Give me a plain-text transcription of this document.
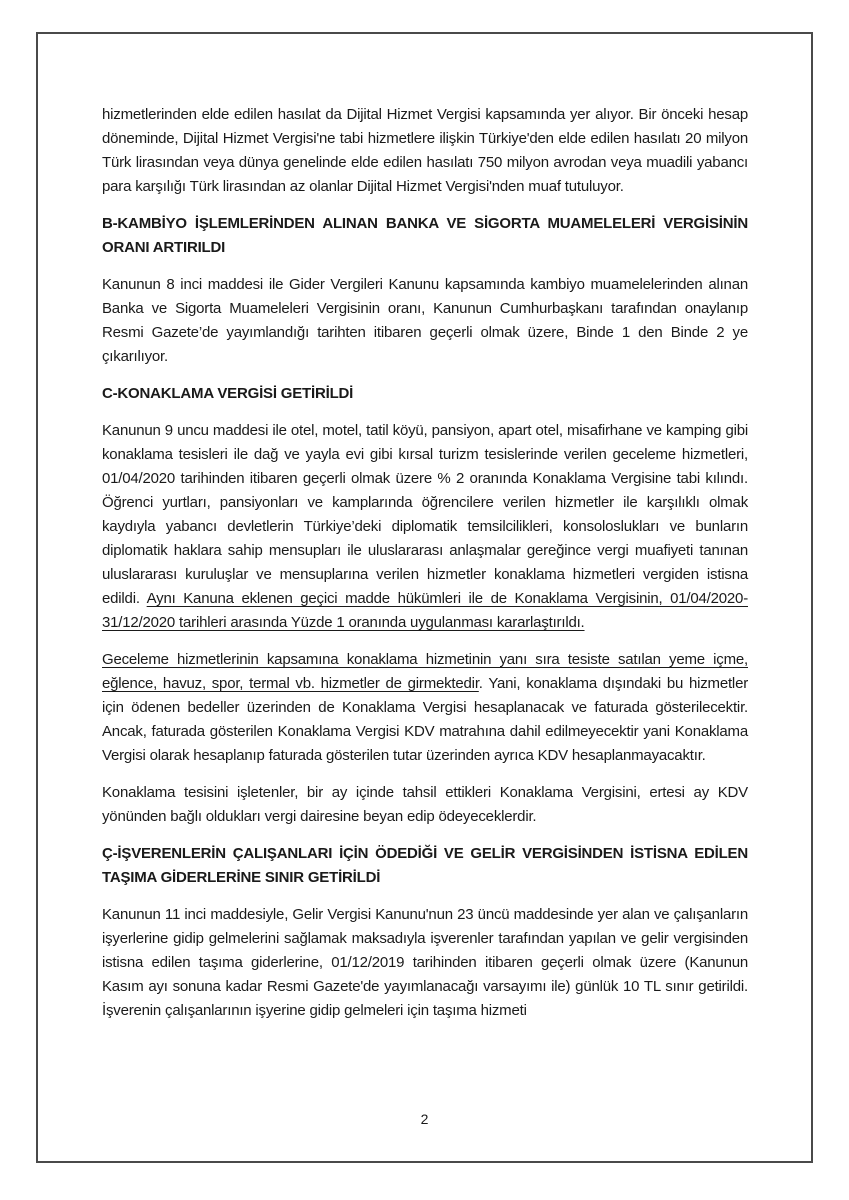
hizmetlerinden elde edilen hasılat da Dijital Hizmet Vergisi kapsamında yer alıyor. Bir önceki hesap döneminde, Dijital Hizmet Vergisi'ne tabi hizmetlere ilişkin Türkiye'den elde edilen hasılatı 20 milyon Türk lirasından veya dünya genelinde elde edilen hasılatı 750 milyon avrodan veya muadili yabancı para karşılığı Türk lirasından az olanlar Dijital Hizmet Vergisi'nden muaf tutuluyor.

B-KAMBİYO İŞLEMLERİNDEN ALINAN BANKA VE SİGORTA MUAMELELERİ VERGİSİNİN ORANI ARTIRILDI

Kanunun 8 inci maddesi ile Gider Vergileri Kanunu kapsamında kambiyo muamelelerinden alınan Banka ve Sigorta Muameleleri Vergisinin oranı, Kanunun Cumhurbaşkanı tarafından onaylanıp Resmi Gazete’de yayımlandığı tarihten itibaren geçerli olmak üzere, Binde 1 den Binde 2 ye çıkarılıyor.

C-KONAKLAMA VERGİSİ GETİRİLDİ

Kanunun 9 uncu maddesi ile otel, motel, tatil köyü, pansiyon, apart otel, misafirhane ve kamping gibi konaklama tesisleri ile dağ ve yayla evi gibi kırsal turizm tesislerinde verilen geceleme hizmetleri, 01/04/2020 tarihinden itibaren geçerli olmak üzere % 2 oranında Konaklama Vergisine tabi kılındı. Öğrenci yurtları, pansiyonları ve kamplarında öğrencilere verilen hizmetler ile karşılıklı olmak kaydıyla yabancı devletlerin Türkiye’deki diplomatik temsilcilikleri, konsoloslukları ve bunların diplomatik haklara sahip mensupları ile uluslararası anlaşmalar gereğince vergi muafiyeti tanınan uluslararası kuruluşlar ve mensuplarına verilen hizmetler konaklama hizmetleri vergiden istisna edildi. Aynı Kanuna eklenen geçici madde hükümleri ile de Konaklama Vergisinin, 01/04/2020-31/12/2020 tarihleri arasında Yüzde 1 oranında uygulanması kararlaştırıldı.

Geceleme hizmetlerinin kapsamına konaklama hizmetinin yanı sıra tesiste satılan yeme içme, eğlence, havuz, spor, termal vb. hizmetler de girmektedir. Yani, konaklama dışındaki bu hizmetler için ödenen bedeller üzerinden de Konaklama Vergisi hesaplanacak ve faturada gösterilecektir. Ancak, faturada gösterilen Konaklama Vergisi KDV matrahına dahil edilmeyecektir yani Konaklama Vergisi olarak hesaplanıp faturada gösterilen tutar üzerinden ayrıca KDV hesaplanmayacaktır.

Konaklama tesisini işletenler, bir ay içinde tahsil ettikleri Konaklama Vergisini, ertesi ay KDV yönünden bağlı oldukları vergi dairesine beyan edip ödeyeceklerdir.

Ç-İŞVERENLERİN ÇALIŞANLARI İÇİN ÖDEDİĞİ VE GELİR VERGİSİNDEN İSTİSNA EDİLEN TAŞIMA GİDERLERİNE SINIR GETİRİLDİ

Kanunun 11 inci maddesiyle, Gelir Vergisi Kanunu'nun 23 üncü maddesinde yer alan ve çalışanların işyerlerine gidip gelmelerini sağlamak maksadıyla işverenler tarafından yapılan ve gelir vergisinden istisna edilen taşıma giderlerine, 01/12/2019 tarihinden itibaren geçerli olmak üzere (Kanunun Kasım ayı sonuna kadar Resmi Gazete'de yayımlanacağı varsayımı ile) günlük 10 TL sınır getirildi. İşverenin çalışanlarının işyerine gidip gelmeleri için taşıma hizmeti

2
